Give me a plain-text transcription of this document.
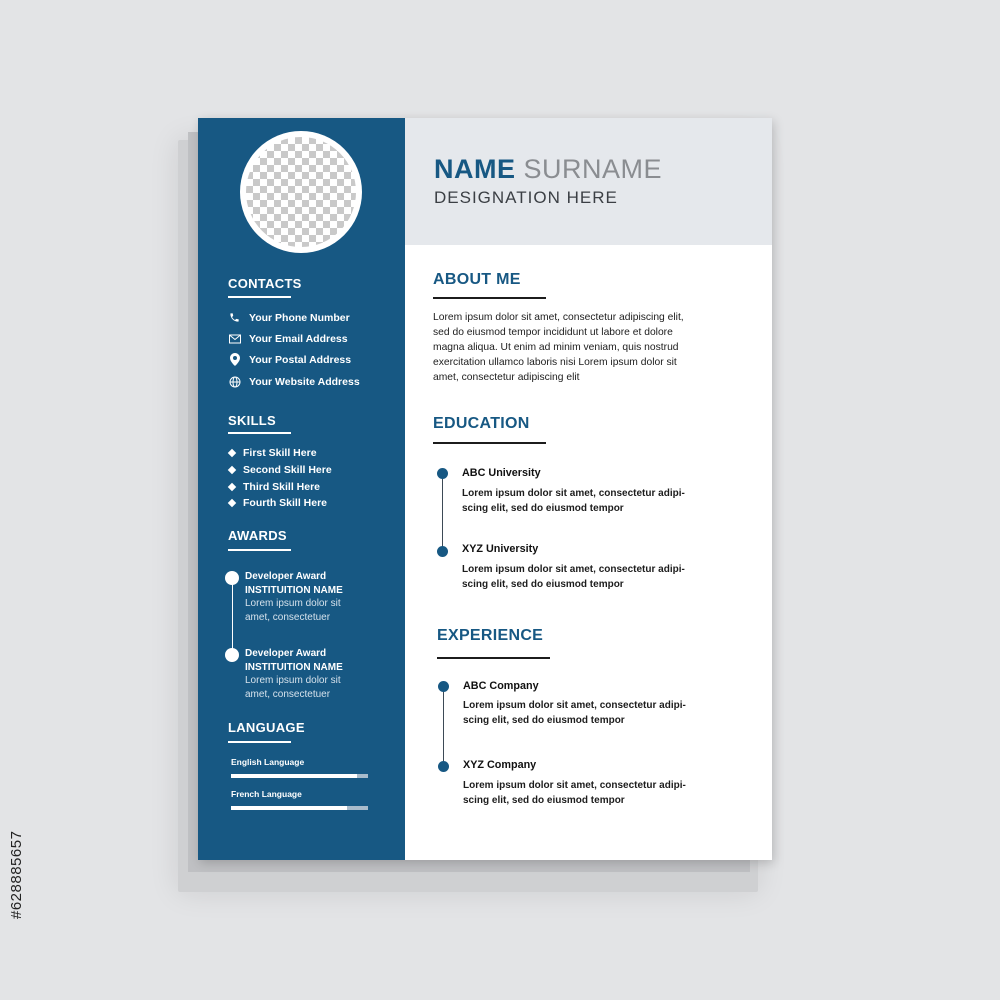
#628885657
CONTACTS
Your Phone Number
Your Email Address
Your Postal Address
Your Website Address
SKILLS
First Skill Here
Second Skill Here
Third Skill Here
Fourth Skill Here
AWARDS
Developer Award
INSTITUITION NAME
Lorem ipsum dolor sit
amet, consectetuer
Developer Award
INSTITUITION NAME
Lorem ipsum dolor sit
amet, consectetuer
LANGUAGE
English Language
French Language
NAME SURNAME
DESIGNATION HERE
ABOUT ME
Lorem ipsum dolor sit amet, consectetur adipiscing elit,
sed do eiusmod tempor incididunt ut labore et dolore
magna aliqua. Ut enim ad minim veniam, quis nostrud
exercitation ullamco laboris nisi Lorem ipsum dolor sit
amet, consectetur adipiscing elit
EDUCATION
ABC University
Lorem ipsum dolor sit amet, consectetur adipi-
scing elit, sed do eiusmod tempor
XYZ University
Lorem ipsum dolor sit amet, consectetur adipi-
scing elit, sed do eiusmod tempor
EXPERIENCE
ABC Company
Lorem ipsum dolor sit amet, consectetur adipi-
scing elit, sed do eiusmod tempor
XYZ Company
Lorem ipsum dolor sit amet, consectetur adipi-
scing elit, sed do eiusmod tempor
